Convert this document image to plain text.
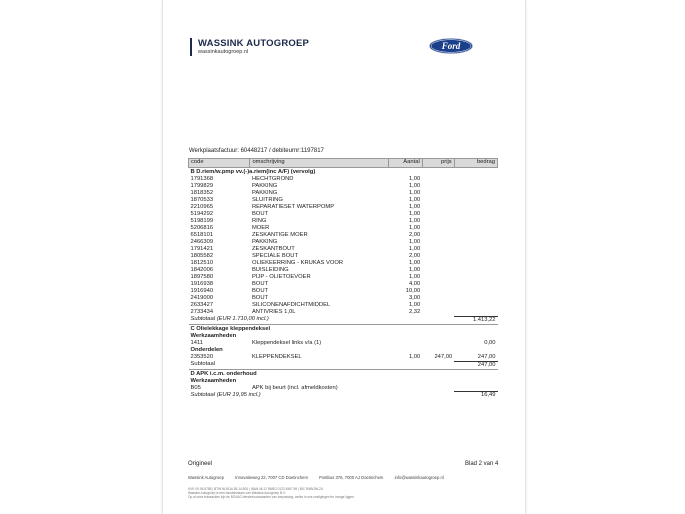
WASSINK AUTOGROEP
wassinkautogroep.nl
Ford
Werkplaatsfactuur: 60448217 / debiteurnr:1197817
code	omschrijving	Aantal	prijs	bedrag
B D.riem/w.pmp vv.(-)a.riem(inc A/F) (vervolg)				
1791368	HECHTGROND	1,00		
1799829	PAKKING	1,00		
1818352	PAKKING	1,00		
1870533	SLUITRING	1,00		
2210965	REPARATIESET WATERPOMP	1,00		
5194292	BOUT	1,00		
5198199	RING	1,00		
5206816	MOER	1,00		
6518101	ZESKANTIGE MOER	2,00		
2466309	PAKKING	1,00		
1791421	ZESKANTBOUT	1,00		
1805582	SPECIALE BOUT	2,00		
1812510	OLIEKEERRING - KRUKAS VOOR	1,00		
1842006	BUISLEIDING	1,00		
1897580	PIJP - OLIETOEVOER	1,00		
1916938	BOUT	4,00		
1916940	BOUT	10,00		
2419000	BOUT	3,00		
2633427	SILICONENAFDICHTMIDDEL	1,00		
2733434	ANTIVRIES 1,0L	2,32		
Subtotaal (EUR 1.710,00 incl.)				1.413,22
C Olielekkage kleppendeksel				
Werkzaamheden				
1411	Kleppendeksel links v/a (1)			0,00
Onderdelen				
2353520	KLEPPENDEKSEL	1,00	247,00	247,00
Subtotaal				247,00
D APK i.c.m. onderhoud				
Werkzaamheden				
B05	APK bij beurt (incl. afmeldkosten)			
Subtotaal (EUR 19,95 incl.)				16,49
Origineel	Blad 2 van 4
Wassink Autogroep	Innovatieweg 22, 7007 CD Doetinchem	Postbus 376, 7000 AJ Doetinchem	info@wassinkautogroep.nl
KVK 09-06 8788 | BTW NL8116.55.14.B01 | IBAN NL12 RABO 0123 4567 89 | BIC RABONL2U
Wassink Autogroep is een handelsnaam van Wassink Autogroep B.V.
Op al onze transacties zijn de BOVAG-herstelvoorwaarden van toepassing, welke in ons vestigingen ter inzage liggen.
